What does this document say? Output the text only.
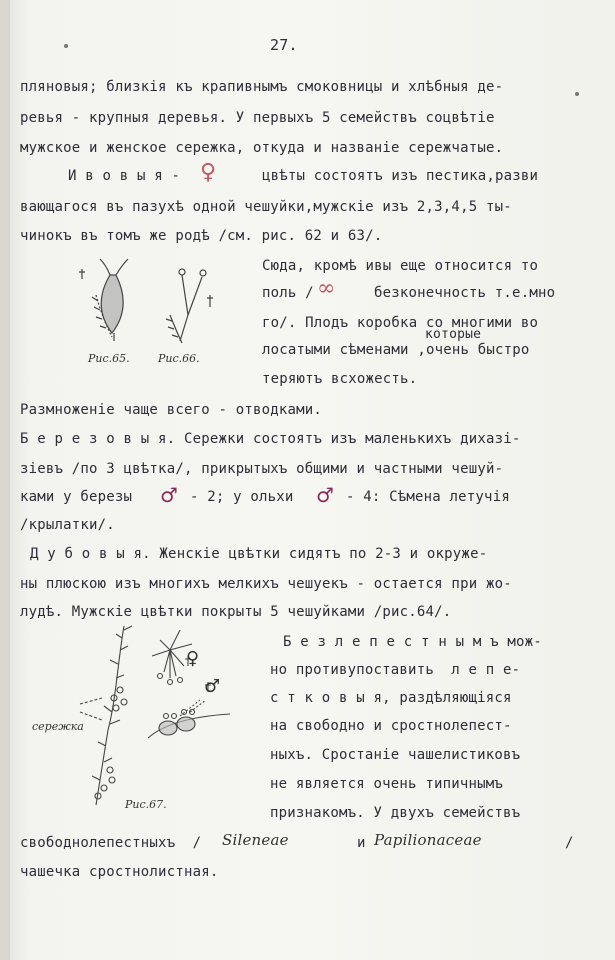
27.
пляновыя; близкія къ крапивнымъ смоковницы и хлѣбныя де-
ревья - крупныя деревья. У первыхъ 5 семействъ соцвѣтіе
мужское и женское сережка, откуда и названіе сережчатые.
И в о в ы я - ♀	цвѣты состоятъ изъ пестика,разви
вающагося въ пазухѣ одной чешуйки,мужскіе изъ 2,3,4,5 ты-
чинокъ въ томъ же родѣ /см. рис. 62 и 63/.
Рис.65.	Рис.66.
Сюда, кромѣ ивы еще относится то
поль / ∞	безконечность т.е.мно
го/. Плодъ коробка со многими во
которые
лосатыми сѣменами ,очень быстро
теряютъ всхожесть.
Размноженіе чаще всего - отводками.
Б е р е з о в ы я. Сережки состоятъ изъ маленькихъ дихазі-
зіевъ /по 3 цвѣтка/, прикрытыхъ общими и частными чешуй-
ками у березы ♂ - 2; у ольхи ♂ - 4: Сѣмена летучія
/крылатки/.
Д у б о в ы я. Женскіе цвѣтки сидятъ по 2-3 и окруже-
ны плюскою изъ многихъ мелкихъ чешуекъ - остается при жо-
лудѣ. Мужскіе цвѣтки покрыты 5 чешуйками /рис.64/.
сережка
Рис.67.
♀
♂
Б е з л е п е с т н ы м ъ мож-
но противупоставить  л е п е-
с т к о в ы я, раздѣляющіяся
на свободно и сростнолепест-
ныхъ. Сростаніе чашелистиковъ
не является очень типичнымъ
признакомъ. У двухъ семействъ
свободнолепестныхъ  / Sileneae	и Papilionaceae	/
чашечка сростнолистная.
